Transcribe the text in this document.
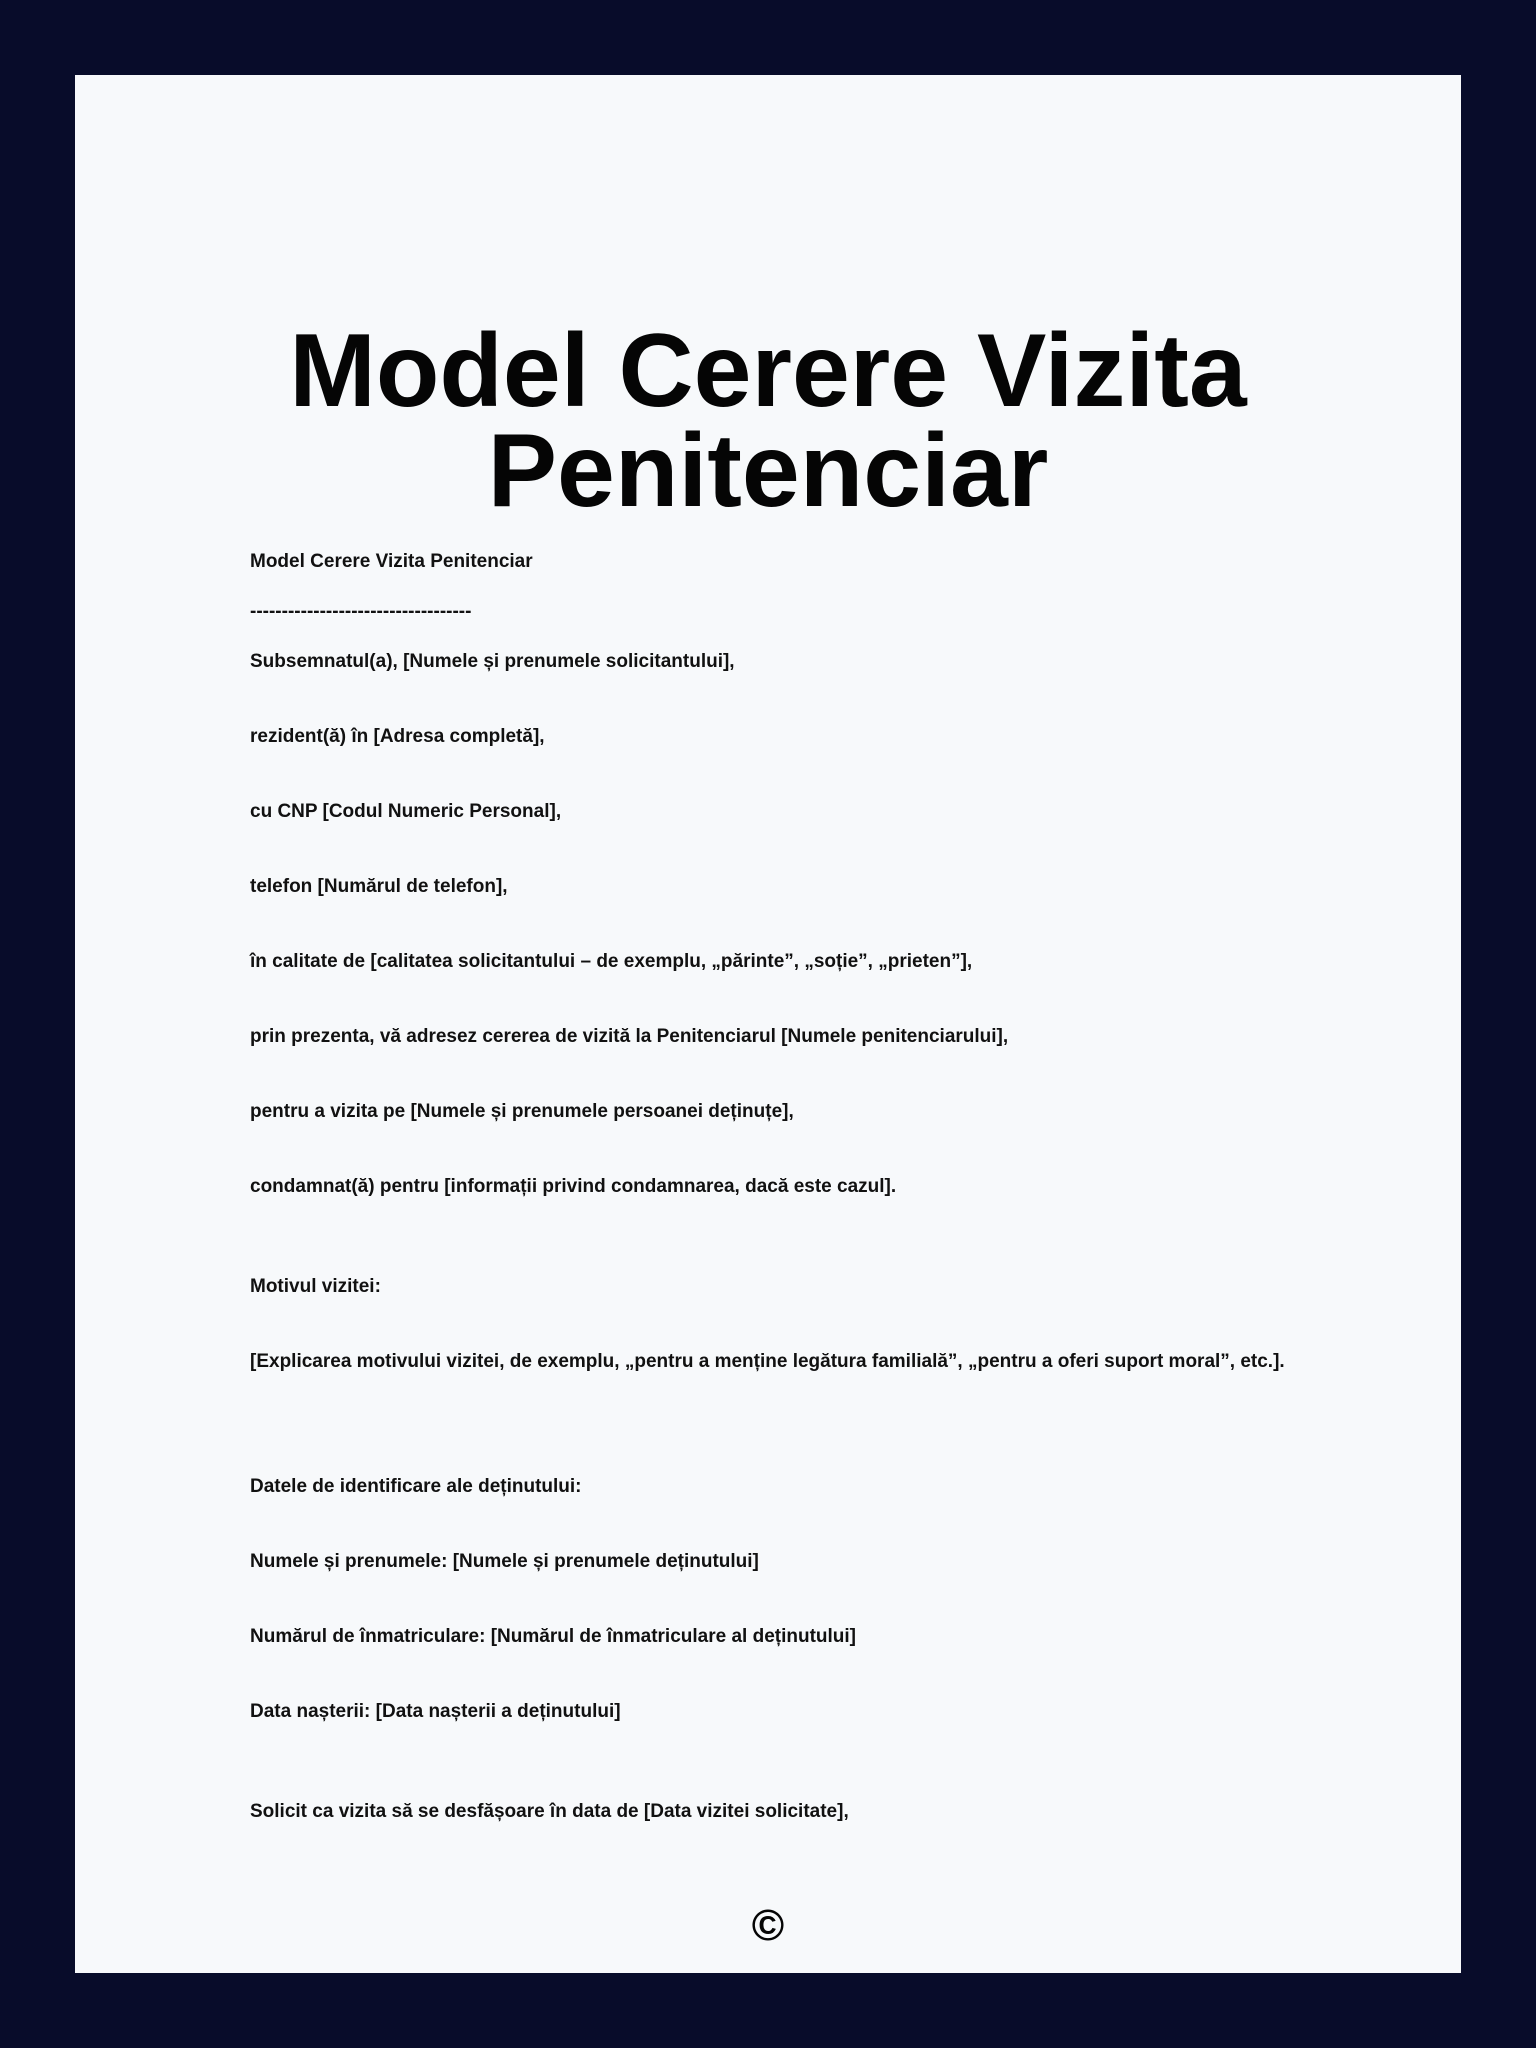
Model Cerere Vizita
Penitenciar
Model Cerere Vizita Penitenciar
-----------------------------------
Subsemnatul(a), [Numele și prenumele solicitantului],
rezident(ă) în [Adresa completă],
cu CNP [Codul Numeric Personal],
telefon [Numărul de telefon],
în calitate de [calitatea solicitantului – de exemplu, „părinte”, „soție”, „prieten”],
prin prezenta, vă adresez cererea de vizită la Penitenciarul [Numele penitenciarului],
pentru a vizita pe [Numele și prenumele persoanei deținuțe],
condamnat(ă) pentru [informații privind condamnarea, dacă este cazul].
Motivul vizitei:
[Explicarea motivului vizitei, de exemplu, „pentru a menține legătura familială”, „pentru a oferi suport moral”, etc.].
Datele de identificare ale deținutului:
Numele și prenumele: [Numele și prenumele deținutului]
Numărul de înmatriculare: [Numărul de înmatriculare al deținutului]
Data nașterii: [Data nașterii a deținutului]
Solicit ca vizita să se desfășoare în data de [Data vizitei solicitate],
©
